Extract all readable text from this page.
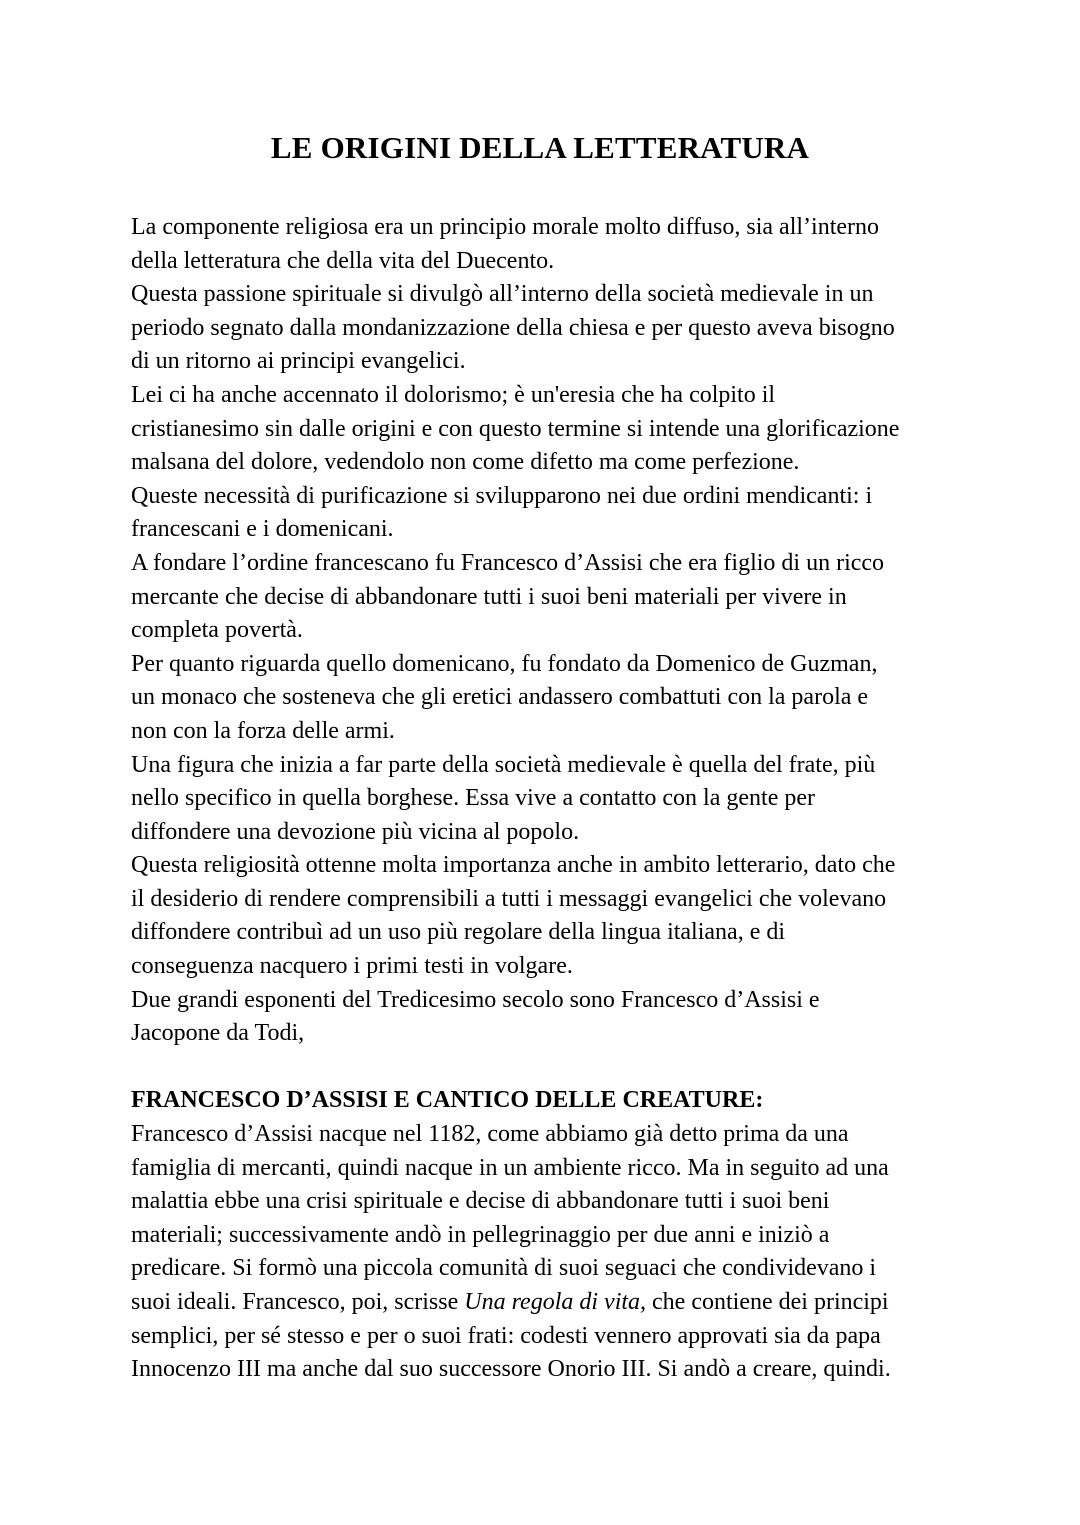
LE ORIGINI DELLA LETTERATURA
La componente religiosa era un principio morale molto diffuso, sia all’interno
della letteratura che della vita del Duecento.
Questa passione spirituale si divulgò all’interno della società medievale in un
periodo segnato dalla mondanizzazione della chiesa e per questo aveva bisogno
di un ritorno ai principi evangelici.
Lei ci ha anche accennato il dolorismo; è un'eresia che ha colpito il
cristianesimo sin dalle origini e con questo termine si intende una glorificazione
malsana del dolore, vedendolo non come difetto ma come perfezione.
Queste necessità di purificazione si svilupparono nei due ordini mendicanti: i
francescani e i domenicani.
A fondare l’ordine francescano fu Francesco d’Assisi che era figlio di un ricco
mercante che decise di abbandonare tutti i suoi beni materiali per vivere in
completa povertà.
Per quanto riguarda quello domenicano, fu fondato da Domenico de Guzman,
un monaco che sosteneva che gli eretici andassero combattuti con la parola e
non con la forza delle armi.
Una figura che inizia a far parte della società medievale è quella del frate, più
nello specifico in quella borghese. Essa vive a contatto con la gente per
diffondere una devozione più vicina al popolo.
Questa religiosità ottenne molta importanza anche in ambito letterario, dato che
il desiderio di rendere comprensibili a tutti i messaggi evangelici che volevano
diffondere contribuì ad un uso più regolare della lingua italiana, e di
conseguenza nacquero i primi testi in volgare.
Due grandi esponenti del Tredicesimo secolo sono Francesco d’Assisi e
Jacopone da Todi,
FRANCESCO D’ASSISI E CANTICO DELLE CREATURE:
Francesco d’Assisi nacque nel 1182, come abbiamo già detto prima da una
famiglia di mercanti, quindi nacque in un ambiente ricco. Ma in seguito ad una
malattia ebbe una crisi spirituale e decise di abbandonare tutti i suoi beni
materiali; successivamente andò in pellegrinaggio per due anni e iniziò a
predicare. Si formò una piccola comunità di suoi seguaci che condividevano i
suoi ideali. Francesco, poi, scrisse Una regola di vita, che contiene dei principi
semplici, per sé stesso e per o suoi frati: codesti vennero approvati sia da papa
Innocenzo III ma anche dal suo successore Onorio III. Si andò a creare, quindi.
